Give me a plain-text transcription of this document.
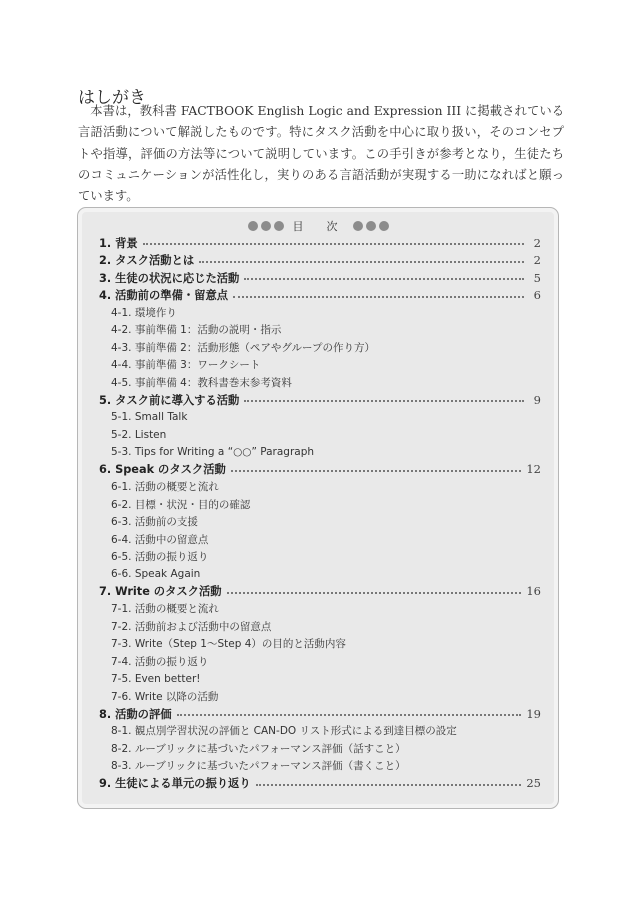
はしがき

本書は，教科書 FACTBOOK English Logic and Expression III に掲載されている言語活動について解説したものです。特にタスク活動を中心に取り扱い，そのコンセプトや指導，評価の方法等について説明しています。この手引きが参考となり，生徒たちのコミュニケーションが活性化し，実りのある言語活動が実現する一助になればと願っています。

目　次
1. 背景	2
2. タスク活動とは	2
3. 生徒の状況に応じた活動	5
4. 活動前の準備・留意点	6
4-1. 環境作り
4-2. 事前準備 1：活動の説明・指示
4-3. 事前準備 2：活動形態（ペアやグループの作り方）
4-4. 事前準備 3：ワークシート
4-5. 事前準備 4：教科書巻末参考資料
5. タスク前に導入する活動	9
5-1. Small Talk
5-2. Listen
5-3. Tips for Writing a “○○” Paragraph
6. Speak のタスク活動	12
6-1. 活動の概要と流れ
6-2. 目標・状況・目的の確認
6-3. 活動前の支援
6-4. 活動中の留意点
6-5. 活動の振り返り
6-6. Speak Again
7. Write のタスク活動	16
7-1. 活動の概要と流れ
7-2. 活動前および活動中の留意点
7-3. Write（Step 1～Step 4）の目的と活動内容
7-4. 活動の振り返り
7-5. Even better!
7-6. Write 以降の活動
8. 活動の評価	19
8-1. 観点別学習状況の評価と CAN-DO リスト形式による到達目標の設定
8-2. ルーブリックに基づいたパフォーマンス評価（話すこと）
8-3. ルーブリックに基づいたパフォーマンス評価（書くこと）
9. 生徒による単元の振り返り	25
